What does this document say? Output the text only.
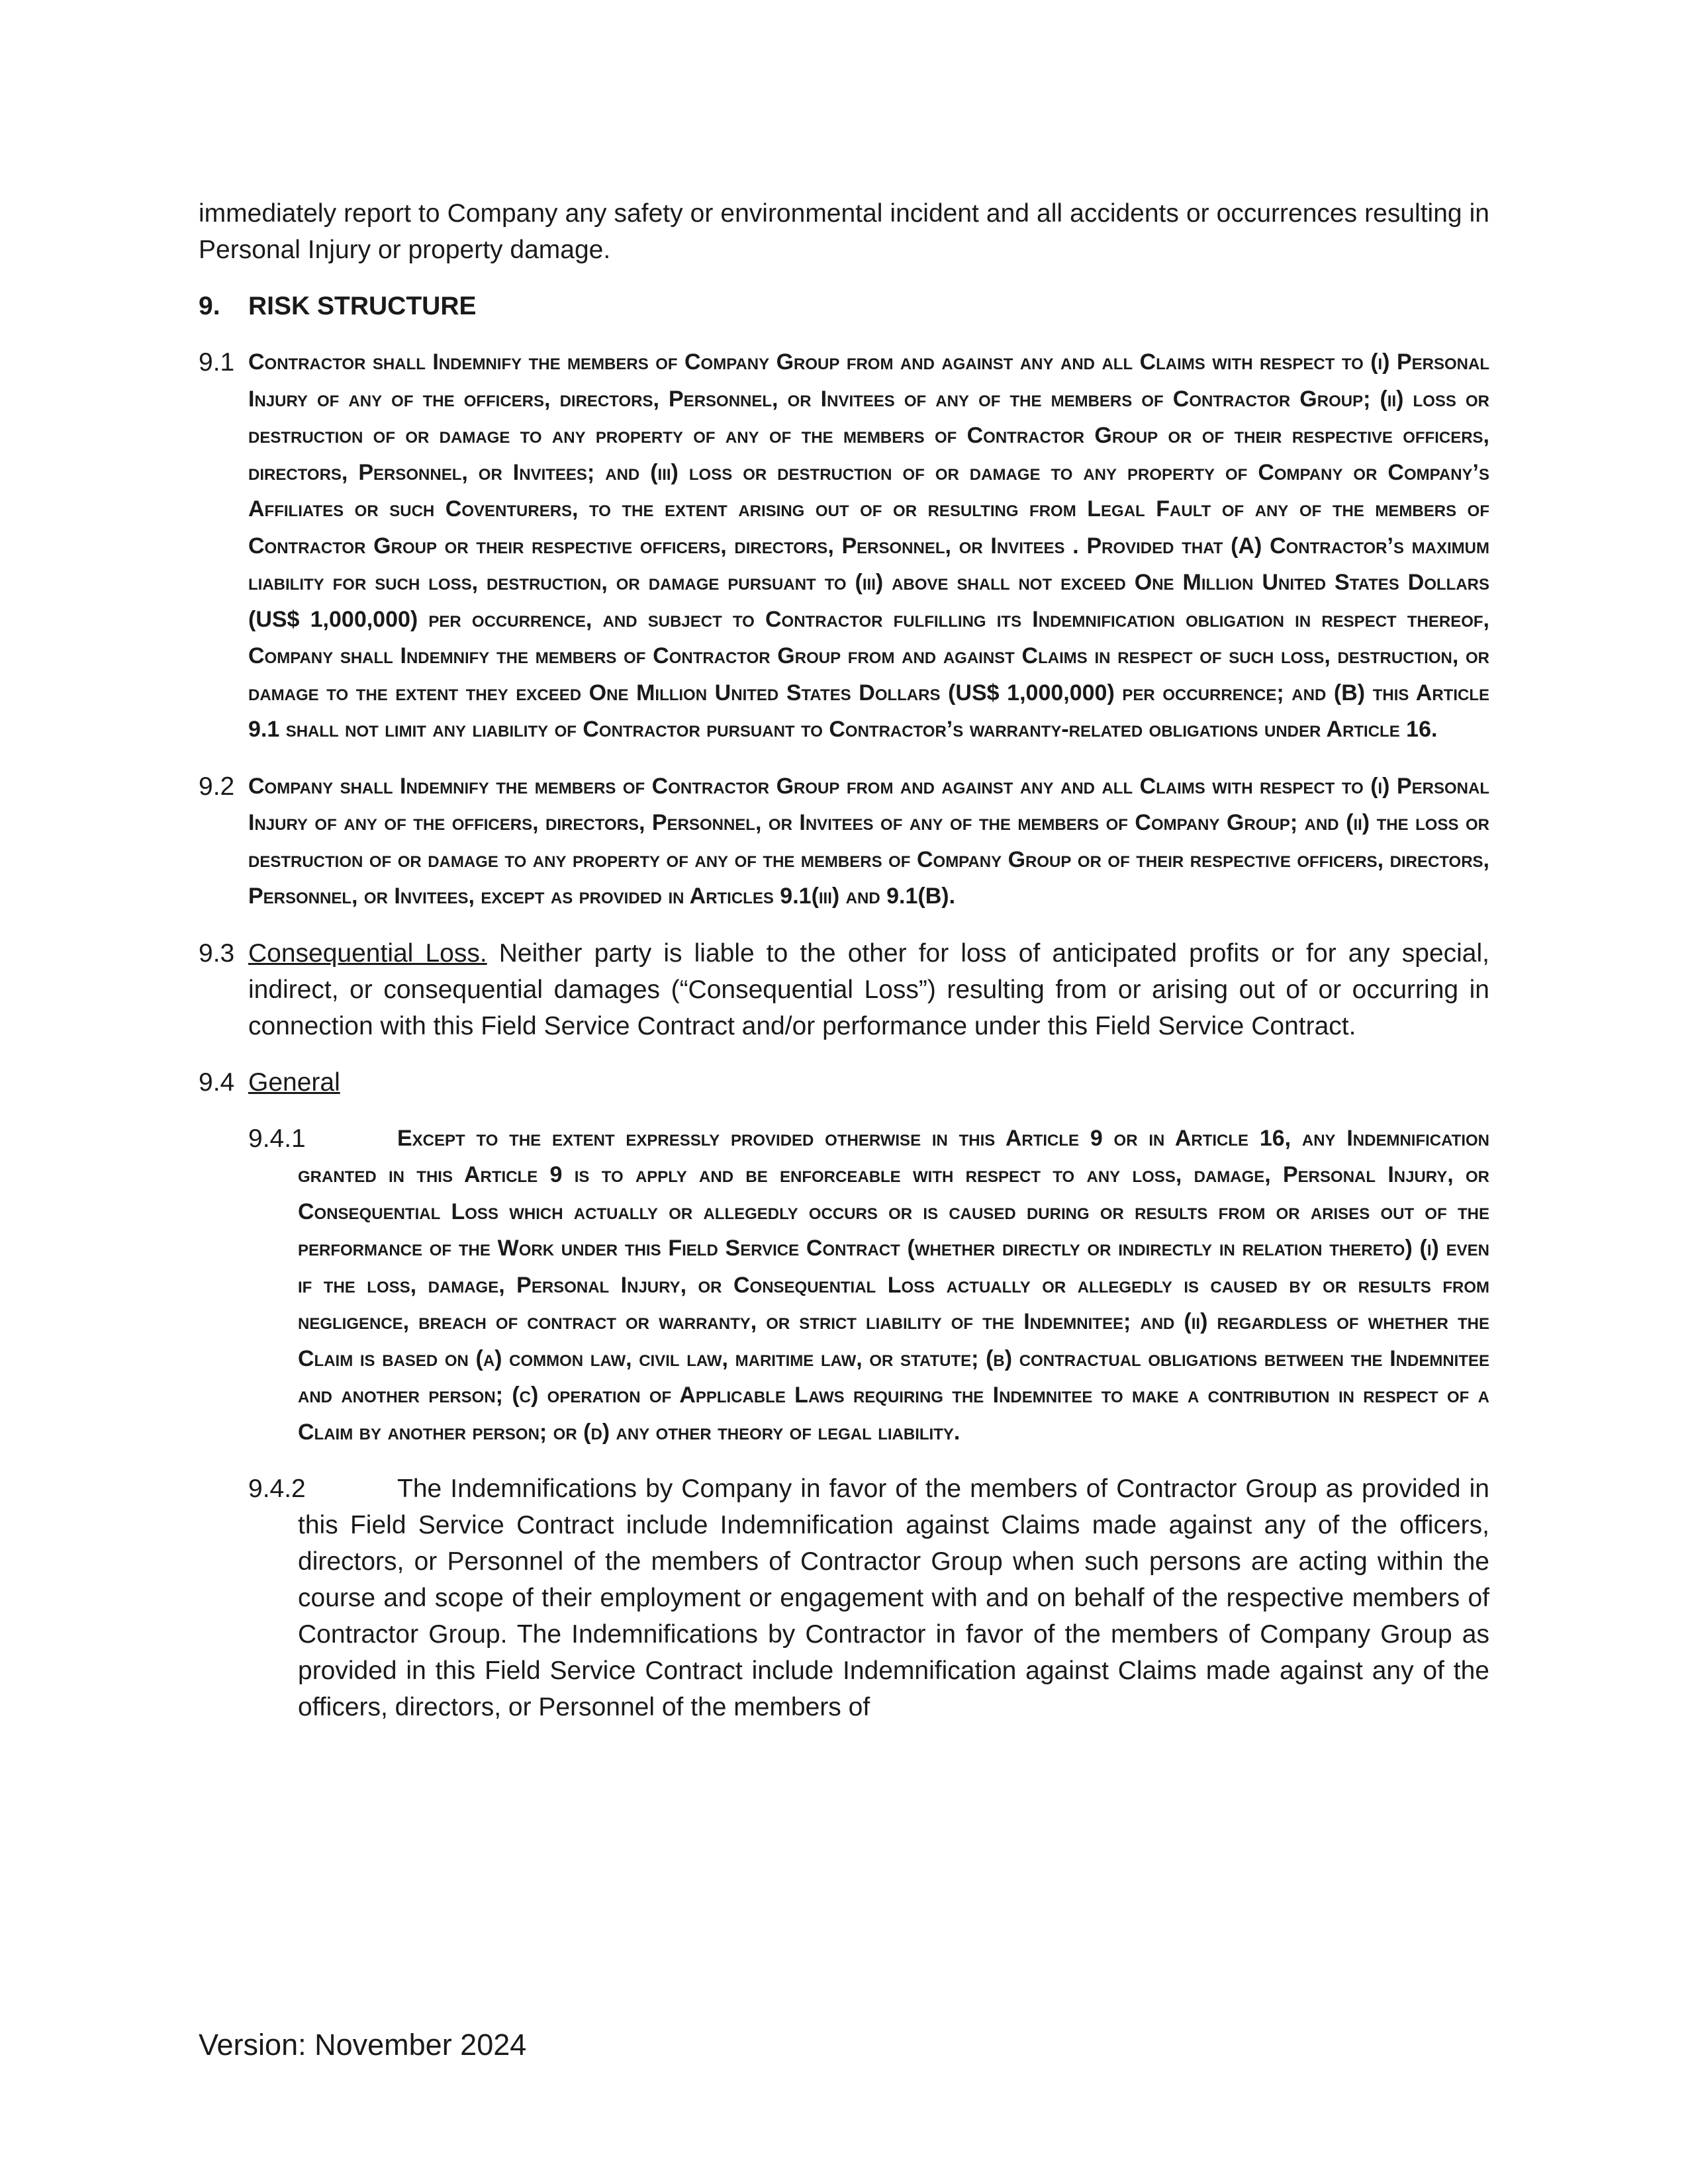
immediately report to Company any safety or environmental incident and all accidents or occurrences resulting in Personal Injury or property damage.

9. RISK STRUCTURE
9.1 Contractor shall Indemnify the members of Company Group from and against any and all Claims with respect to (i) Personal Injury of any of the officers, directors, Personnel, or Invitees of any of the members of Contractor Group; (ii) loss or destruction of or damage to any property of any of the members of Contractor Group or of their respective officers, directors, Personnel, or Invitees; and (iii) loss or destruction of or damage to any property of Company or Company’s Affiliates or such Coventurers, to the extent arising out of or resulting from Legal Fault of any of the members of Contractor Group or their respective officers, directors, Personnel, or Invitees . Provided that (A) Contractor’s maximum liability for such loss, destruction, or damage pursuant to (iii) above shall not exceed One Million United States Dollars (US$ 1,000,000) per occurrence, and subject to Contractor fulfilling its Indemnification obligation in respect thereof, Company shall Indemnify the members of Contractor Group from and against Claims in respect of such loss, destruction, or damage to the extent they exceed One Million United States Dollars (US$ 1,000,000) per occurrence; and (B) this Article 9.1 shall not limit any liability of Contractor pursuant to Contractor’s warranty-related obligations under Article 16.

9.2 Company shall Indemnify the members of Contractor Group from and against any and all Claims with respect to (i) Personal Injury of any of the officers, directors, Personnel, or Invitees of any of the members of Company Group; and (ii) the loss or destruction of or damage to any property of any of the members of Company Group or of their respective officers, directors, Personnel, or Invitees, except as provided in Articles 9.1(iii) and 9.1(B).

9.3 Consequential Loss. Neither party is liable to the other for loss of anticipated profits or for any special, indirect, or consequential damages (“Consequential Loss”) resulting from or arising out of or occurring in connection with this Field Service Contract and/or performance under this Field Service Contract.

9.4 General

9.4.1	Except to the extent expressly provided otherwise in this Article 9 or in Article 16, any Indemnification granted in this Article 9 is to apply and be enforceable with respect to any loss, damage, Personal Injury, or Consequential Loss which actually or allegedly occurs or is caused during or results from or arises out of the performance of the Work under this Field Service Contract (whether directly or indirectly in relation thereto) (i) even if the loss, damage, Personal Injury, or Consequential Loss actually or allegedly is caused by or results from negligence, breach of contract or warranty, or strict liability of the Indemnitee; and (ii) regardless of whether the Claim is based on (a) common law, civil law, maritime law, or statute; (b) contractual obligations between the Indemnitee and another person; (c) operation of Applicable Laws requiring the Indemnitee to make a contribution in respect of a Claim by another person; or (d) any other theory of legal liability.

9.4.2	The Indemnifications by Company in favor of the members of Contractor Group as provided in this Field Service Contract include Indemnification against Claims made against any of the officers, directors, or Personnel of the members of Contractor Group when such persons are acting within the course and scope of their employment or engagement with and on behalf of the respective members of Contractor Group. The Indemnifications by Contractor in favor of the members of Company Group as provided in this Field Service Contract include Indemnification against Claims made against any of the officers, directors, or Personnel of the members of

Version: November 2024
